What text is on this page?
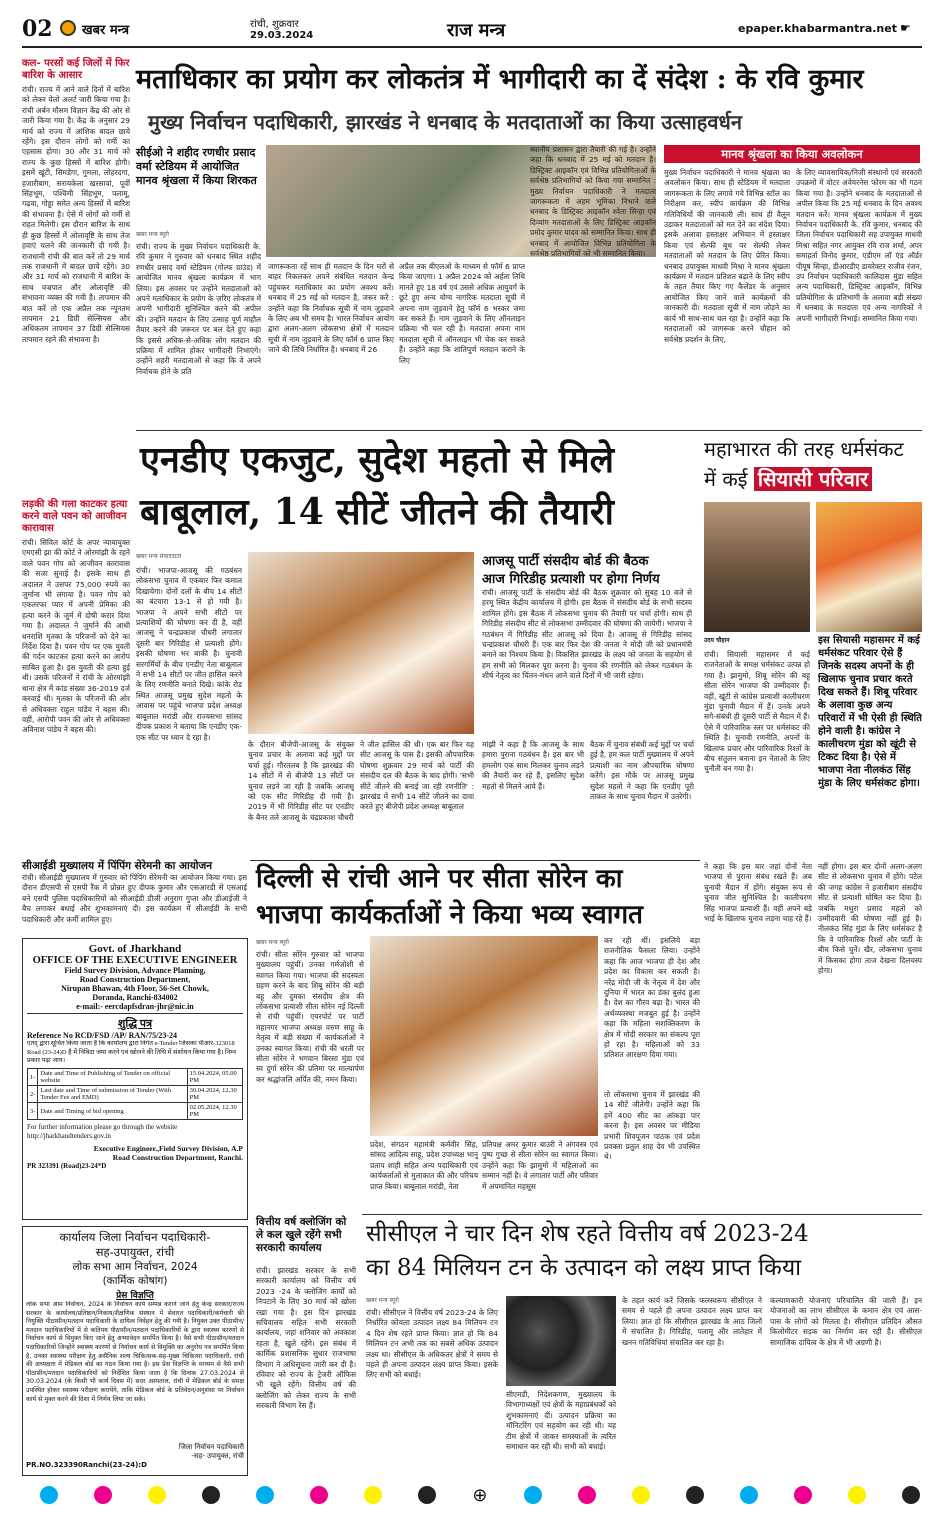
02 खबर मन्त्र	रांची, शुक्रवार
29.03.2024	राज मन्त्र	epaper.khabarmantra.net ☛
कल- परसों कई जिलों में फिर बारिश के आसार
रांची। राज्य में आने वाले दिनों में बारिश को लेकर येलो अलर्ट जारी किया गया है। रांची अर्बन मौसम विज्ञान केंद्र की ओर से जारी किया गया है। केंद्र के अनुसार 29 मार्च को राज्य में आंशिक बादल छाये रहेंगे। इस दौरान लोगों को गर्मी का एहसास होगा। 30 और 31 मार्च को राज्य के कुछ हिस्सों में बारिश होगी। इसमें खूंटी, सिमडेगा, गुमला, लोहरदगा, हजारीबाग, सरायकेला खरसावां, पूर्वी सिंहभूम, पश्चिमी सिंहभूम, पलामू, गढ़वा, गोड्डा समेत अन्य हिस्सों में बारिश की संभावना है। ऐसे में लोगों को गर्मी से राहत मिलेगी। इस दौरान बारिश के साथ ही कुछ हिस्सों में ओलावृष्टि के साथ तेज हवाएं चलने की जानकारी दी गयी है। राजधानी रांची की बात करें तो 29 मार्च तक राजधानी में बादल छाये रहेंगे। 30 और 31 मार्च को राजधानी में बारिश के साथ वज्रपात और ओलावृष्टि की संभावना व्यक्त की गयी है। तापमान की बात करें तो एक अप्रैल तक न्यूनतम तापमान 21 डिग्री सेल्सियस और अधिकतम तापमान 37 डिग्री सेल्सियस तापमान रहने की संभावना है।
लड़की की गला काटकर हत्या करने वाले पवन को आजीवन कारावास
रांची। सिविल कोर्ट के अपर न्यायायुक्त एमएसी झा की कोर्ट ने ओरमांझी के रहने वाले पवन गोप को आजीवन कारावास की सजा सुनाई है। इसके साथ ही अदालत ने उसपर 75,000 रुपये का जुर्माना भी लगाया है। पवन गोप को एकतरफा प्यार में अपनी प्रेमिका की हत्या करने के जुर्म में दोषी करार दिया गया है। अदालत ने जुर्माने की आधी धनराशि मृतका के परिजनों को देने का निर्देश दिया है। पवन गोप पर एक युवती की गर्दन काटकर हत्या करने का आरोप साबित हुआ है। इस युवती की हत्या हुई थी। उसके परिजनों ने रांची के ओरमांझी थाना क्षेत्र में कांड संख्या 36-2019 दर्ज करवाई थी। मृतका के परिजनों की ओर से अधिवक्ता राहुल पांडेय ने बहस की। वहीं, आरोपी पवन की ओर से अधिवक्ता अविनाश पांडेय ने बहस की।
सीआईडी मुख्यालय में पिंपिंग सेरेमनी का आयोजन
रांची। सीआईडी मुख्यालय में गुरुवार को पिंपिंग सेरेमनी का आयोजन किया गया। इस दौरान डीएसपी से एसपी रैंक में प्रोन्नत हुए दीपक कुमार और एसआरडी से एसआई बने एसपी पुलिस पदाधिकारियों को सीआईडी डीजी अनुराग गुप्ता और डीआईजी ने बैच लगाकर बधाई और शुभकामनाएं दी। इस कार्यक्रम में सीआईडी के सभी पदाधिकारी और कर्मी शामिल हुए।
मताधिकार का प्रयोग कर लोकतंत्र में भागीदारी का दें संदेश : के रवि कुमार
मुख्य निर्वाचन पदाधिकारी, झारखंड ने धनबाद के मतदाताओं का किया उत्साहवर्धन
सीईओ ने शहीद रणधीर प्रसाद वर्मा स्टेडियम में आयोजित मानव श्रृंखला में किया शिरकत
खबर मन्त्र ब्यूरो
रांची। राज्य के मुख्य निर्वाचन पदाधिकारी के. रवि कुमार ने गुरुवार को धनबाद स्थित शहीद रणधीर प्रसाद वर्मा स्टेडियम (गोल्फ ग्राउंड) में आयोजित मानव श्रृंखला कार्यक्रम में भाग लिया। इस अवसर पर उन्होंने मतदाताओं को अपने मताधिकार के प्रयोग के ज़रिए लोकतंत्र में अपनी भागीदारी सुनिश्चित करने की अपील की। उन्होंने मतदान के लिए उत्साह पूर्ण माहौल तैयार करने की ज़रूरत पर बल देते हुए कहा कि इससे अधिक-से-अधिक लोग मतदान की प्रक्रिया में शामिल होकर भागीदारी निभाएंगे। उन्होंने शहरी मतदाताओं से कहा कि वे अपने निर्वाचक होने के प्रति
जागरूकता रहें साथ ही मतदान के दिन घरों से बाहर निकलकर अपने संबंधित मतदान केन्द्र पहुंचकर मताधिकार का प्रयोग अवश्य करें। धनबाद में 25 मई को मतदान है, जरूर करें : उन्होंने कहा कि निर्वाचक सूची में नाम जुड़वाने के लिए अब भी समय है। भारत निर्वाचन आयोग द्वारा अलग-अलग लोकसभा क्षेत्रों में मतदान सूची में नाम जुड़वाने के लिए फॉर्म 6 प्राप्त किए जाने की तिथि निर्धारित है। धनबाद में 26
अप्रैल तक बीएलओ के माध्यम से फॉर्म 6 प्राप्त किया जाएगा। 1 अप्रैल 2024 को अर्हता तिथि मानते हुए 18 वर्ष एवं उससे अधिक आयुवर्ग के छूटे हुए अन्य योग्य नागरिक मतदाता सूची में अपना नाम जुड़वाने हेतु फॉर्म 6 भरकर जमा कर सकते हैं। नाम जुड़वाने के लिए ऑनलाइन प्रक्रिया भी चल रही है। मतदाता अपना नाम मतदाता सूची में ऑनलाइन भी चेक कर सकते हैं। उन्होंने कहा कि शांतिपूर्ण मतदान कराने के लिए
स्थानीय प्रशासन द्वारा तैयारी की गई है। उन्होंने कहा कि धनबाद में 25 मई को मतदान है। डिस्ट्रिक्ट आइकॉन एवं विभिन्न प्रतियोगिताओं के सर्वश्रेष्ठ प्रतिभागियों को किया गया सम्मानित : मुख्य निर्वाचन पदाधिकारी ने मतदाता जागरूकता में अहम भूमिका निभाने वाले धनबाद के डिस्ट्रिक्ट आइकॉन श्वेता सिन्हा एवं दिव्यांग मतदाताओं के लिए डिस्ट्रिक्ट आइकॉन प्रमोद कुमार यादव को सम्मानित किया। साथ ही धनबाद में आयोजित विभिन्न प्रतियोगिता के सर्वश्रेष्ठ प्रतिभागियों को भी सम्मानित किया।
मानव श्रृंखला का किया अवलोकन
मुख्य निर्वाचन पदाधिकारी ने मानव श्रृंखला का अवलोकन किया। साथ ही स्टेडियम में मतदाता जागरूकता के लिए लगाये गये विभिन्न स्टॉल का निरीक्षण कर, स्वीप कार्यक्रम की विभिन्न गतिविधियों की जानकारी ली। साथ ही वैलून उड़ाकर मतदाताओं को मत देने का संदेश दिया। इसके अलावा हस्ताक्षर अभियान में हस्ताक्षर किया एवं सेल्फी बूथ पर सेल्फी लेकर मतदाताओं को मतदान के लिए प्रेरित किया। धनबाद उपायुक्त माधवी मिश्रा ने मानव श्रृंखला कार्यक्रम में मतदान प्रतिशत बढ़ाने के लिए स्वीप के तहत तैयार किए गए कैलेंडर के अनुसार आयोजित किए जाने वाले कार्यक्रमों की जानकारी दी। मतदाता सूची में नाम जोड़ने का कार्य भी साथ-साथ चल रहा है। उन्होंने कहा कि मतदाताओं को जागरूक करने चौहान को सर्वश्रेष्ठ प्रदर्शन के लिए,
के लिए व्यावसायिक/निजी संस्थानों एवं सरकारी उपक्रमों में वोटर अवेयरनेस फोरम का भी गठन किया गया है। उन्होंने धनबाद के मतदाताओं से अपील किया कि 25 मई धनबाद के दिन अवश्य मतदान करें। मानव श्रृंखला कार्यक्रम में मुख्य निर्वाचन पदाधिकारी के. रवि कुमार, धनबाद की जिला निर्वाचन पदाधिकारी सह उपायुक्त माधवी मिश्रा सहित नगर आयुक्त रवि राज शर्मा, अपर समाहर्ता विनोद कुमार, एडीएम लॉ एंड ऑर्डर पीयूष सिन्हा, डीआरडीए डायरेक्टर राजीव रंजन, उप निर्वाचन पदाधिकारी कालिदास मुंडा सहित अन्य पदाधिकारी, डिस्ट्रिक्ट आइकॉन, विभिन्न प्रतियोगिता के प्रतिभागी के अलावा बड़ी संख्या में धनबाद के मतदाता एवं अन्य नागरिकों ने अपनी भागीदारी निभाई। सम्मानित किया गया।
एनडीए एकजुट, सुदेश महतो से मिले
बाबूलाल, 14 सीटें जीतने की तैयारी
खबर मन्त्र संवाददाता
रांची। भाजपा-आजसू की गठबंधन लोकसभा चुनाव में एकबार फिर कमाल दिखायेगा। दोनों दलों के बीच 14 सीटों का बंटवारा 13-1 से हो गयी है। भाजपा ने अपने सभी सीटों पर प्रत्याशियों की घोषणा कर दी है, वहीं आजसू ने चन्द्रप्रकाश चौधरी लगातार दूसरी बार गिरिडीह से प्रत्याशी होंगे। इसकी घोषणा भर बाकी है। चुनावी सरगर्मियों के बीच एनडीए नेता बाबूलाल ने सभी 14 सीटों पर जीत हासिल करने के लिए रणनीति बनाते दिखे। कांके रोड स्थित आजसू प्रमुख सुदेश महतो के आवास पर पहुंचे भाजपा प्रदेश अध्यक्ष बाबूलाल मरांडी और राज्यसभा सांसद दीपक प्रकाश ने बताया कि एनडीए एक-एक सीट पर ध्यान दे रहा है।
के दौरान बीजेपी-आजसू के संयुक्त चुनाव प्रचार के अलावा कई मुद्दों पर चर्चा हुई। गौरतलब है कि झारखंड की 14 सीटों में से बीजेपी 13 सीटों पर चुनाव लड़ने जा रही है जबकि आजसू को एक सीट गिरिडीह दी गयी है। 2019 में भी गिरिडीह सीट पर एनडीए के बैनर तले आजसू के चंद्रप्रकाश चौधरी
ने जीत हासिल की थी। एक बार फिर यह सीट आजसू के पास है। इसकी औपचारिक घोषणा शुक्रवार 29 मार्च को पार्टी की संसदीय दल की बैठक के बाद होगी। 'सभी सीटें जीतने की बनाई जा रही रणनीति' : झारखंड में सभी 14 सीटें जीतने का दावा करते हुए बीजेपी प्रदेश अध्यक्ष बाबूलाल
आजसू पार्टी संसदीय बोर्ड की बैठक
आज गिरिडीह प्रत्याशी पर होगा निर्णय
रांची। आजसू पार्टी के संसदीय बोर्ड की बैठक शुक्रवार को सुबह 10 बजे से हरमू स्थित केंद्रीय कार्यालय में होगी। इस बैठक में संसदीय बोर्ड के सभी सदस्य शामिल होंगे। इस बैठक में लोकसभा चुनाव की तैयारी पर चर्चा होगी। साथ ही गिरिडीह संसदीय सीट से लोकसभा उम्मीदवार की घोषणा की जायेगी। भाजपा ने गठबंधन में गिरिडीह सीट आजसू को दिया है। आजसू से गिरिडीह सांसद चन्द्रप्रकाश चौधरी हैं। एक बार फिर देश की जनता ने मोदी जी को प्रधानमंत्री बनाने का निश्चय किया है। विकसित झारखंड के लक्ष्य को जनता के सहयोग से हम सभी को मिलकर पूरा करना है। चुनाव की रणनीति को लेकर गठबंधन के शीर्ष नेतृत्व का चिंतन-मंथन आने वाले दिनों में भी जारी रहेगा।
मांझी ने कहा है कि आजसू के साथ हमारा पुराना गठबंधन है। इस बार भी हमलोग एक साथ मिलकर चुनाव लड़ने की तैयारी कर रहे हैं, इसलिए सुदेश महतो से मिलने आये हैं।
बैठक में चुनाव संबंधी कई मुद्दों पर चर्चा हुई है, हम कल पार्टी मुख्यालय में अपने प्रत्याशी का नाम औपचारिक घोषणा करेंगे। इस मौके पर आजसू प्रमुख सुदेश महतो ने कहा कि एनडीए पूरी ताकत के साथ चुनाव मैदान में उतरेगी।
महाभारत की तरह धर्मसंकट
में कई सियासी परिवार
उदय चौहान
रांची। सियासी महासमर में कई राजनेताओं के समक्ष धर्मसंकट उत्पन्न हो गया है। झामुमो, शिबू सोरेन की बहू सीता सोरेन भाजपा की उम्मीदवार हैं। वहीं, खूंटी से कांग्रेस प्रत्याशी कालीचरण मुंडा चुनावी मैदान में हैं। उनके अपने सगे-संबंधी ही दूसरी पार्टी से मैदान में हैं। ऐसे में पारिवारिक स्तर पर धर्मसंकट की स्थिति है। चुनावी रणनीति, अपनों के खिलाफ प्रचार और पारिवारिक रिश्तों के बीच संतुलन बनाना इन नेताओं के लिए चुनौती बन गया है।
इस सियासी महासमर में कई धर्मसंकट परिवार ऐसे हैं जिनके सदस्य अपनों के ही खिलाफ चुनाव प्रचार करते दिख सकते हैं। शिबू परिवार के अलावा कुछ अन्य परिवारों में भी ऐसी ही स्थिति होने वाली है। कांग्रेस ने कालीचरण मुंडा को खूंटी से टिकट दिया है। ऐसे में भाजपा नेता नीलकंठ सिंह मुंडा के लिए धर्मसंकट होगा।
दिल्ली से रांची आने पर सीता सोरेन का
भाजपा कार्यकर्ताओं ने किया भव्य स्वागत
खबर मन्त्र ब्यूरो
रांची। सीता सोरेन गुरुवार को भाजपा मुख्यालय पहुंचीं। उनका गर्मजोशी से स्वागत किया गया। भाजपा की सदस्यता ग्रहण करने के बाद शिबू सोरेन की बड़ी बहू और दुमका संसदीय क्षेत्र की लोकसभा प्रत्याशी सीता सोरेन नई दिल्ली से रांची पहुंचीं। एयरपोर्ट पर पार्टी महानगर भाजपा अध्यक्ष वरुण साहू के नेतृत्व में बड़ी संख्या में कार्यकर्ताओं ने उनका स्वागत किया। रांची की धरती पर सीता सोरेन ने भगवान बिरसा मुंडा एवं स्व दुर्गा सोरेन की प्रतिमा पर माल्यार्पण कर श्रद्धांजलि अर्पित की, नमन किया।
प्रदेश, संगठन महामंत्री कर्मवीर सिंह, सांसद आदित्य साहू, प्रदेश उपाध्यक्ष भानु प्रताप शाही सहित अन्य पदाधिकारी एवं कार्यकर्ताओं से मुलाकात की और परिचय प्राप्त किया। बाबूलाल मरांडी, नेता
प्रतिपक्ष अमर कुमार बाउरी ने अंगवस्त्र एवं पुष्प गुच्छ से सीता सोरेन का स्वागत किया। उन्होंने कहा कि झामुमो में महिलाओं का सम्मान नहीं है। वे लगातार पार्टी और परिवार में अपमानित महसूस
कर रही थीं। इसलिये बड़ा राजनीतिक फैसला लिया। उन्होंने कहा कि आज भाजपा ही देश और प्रदेश का विकास कर सकती है। नरेंद्र मोदी जी के नेतृत्व में देश और दुनिया में भारत का डंका बुलंद हुआ है। देश का गौरव बढ़ा है। भारत की अर्थव्यवस्था मजबूत हुई है। उन्होंने कहा कि महिला सशक्तिकरण के क्षेत्र में मोदी सरकार का संकल्प पूरा हो रहा है। महिलाओं को 33 प्रतिशत आरक्षण दिया गया।
तो लोकसभा चुनाव में झारखंड की 14 सीटें जीतेगी। उन्होंने कहा कि हमें 400 सीट का आंकड़ा पार करना है। इस अवसर पर मीडिया प्रभारी शिवपूजन पाठक एवं प्रदेश प्रवक्ता प्रतुल शाह देव भी उपस्थित थे।
नहीं होगा। इस बार दोनों अलग-अलग सीट से लोकसभा चुनाव में होंगे। पटेल की जगह कांग्रेस ने हजारीबाग संसदीय सीट से प्रत्याशी घोषित कर दिया है। जबकि मथुरा प्रसाद महतो को उम्मीदवारी की घोषणा नहीं हुई है। नीलकंठ सिंह मुंडा के लिए धर्मसंकट है कि वे पारिवारिक रिश्तों और पार्टी के बीच किसे चुनें। खैर, लोकसभा चुनाव में किसका होगा ताज देखना दिलचस्प होगा।
ने कहा कि इस बार जहां दोनों नेता भाजपा से पुराना संबंध रखते हैं। अब चुनावी मैदान में होंगे। संयुक्त रूप से चुनाव जीत सुनिश्चित है। कालीचरण सिंह भाजपा प्रत्याशी हैं। वहीं अपने बड़े भाई के खिलाफ चुनाव लड़ना चाह रहे हैं।
Govt. of Jharkhand
OFFICE OF THE EXECUTIVE ENGINEER
Field Survey Division, Advance Planning,
Road Construction Department,
Nirupan Bhawan, 4th Floor, 56-Set Chowk,
Doranda, Ranchi-834002
e-mail:- eercdapfsdran-jhr@nic.in
शुद्धि पत्र
Reference No RCD/FSD /AP/ RAN/75/23-24
एतद् द्वारा सूचित किया जाता है कि कार्यालय द्वारा निर्गत e-Tender जिसका पीआर-323018 Road (23-24)D है में निविदा जमा करने एवं खोलने की तिथि में संशोधन किया गया है। निम्न प्रकार पढ़ा जाय।
1-	Date and Time of Publishing of Tender on official website	15.04.2024, 05.00 PM
2-	Last date and Time of submission of Tender (With Tender Fee and EMD)	30.04.2024, 12.30 PM
3-	Date and Timing of bid opening	02.05.2024, 12.30 PM
For further information please go through the website http://jharkhandtenders.gov.in
Executive Engineer.,Field Survey Division, A.P
Road Construction Department, Ranchi.
PR 323391 (Road)23-24*D
कार्यालय जिला निर्वाचन पदाधिकारी-
सह-उपायुक्त, रांची
लोक सभा आम निर्वाचन, 2024
(कार्मिक कोषांग)
प्रेस विज्ञप्ति
लोक सभा आम निर्वाचन, 2024 के निर्वाचन कार्य सम्पन्न कराने जाने हेतु केन्द्र सरकार/राज्य सरकार के कार्यालय/प्रतिष्ठान/निकाय/शैक्षणिक संस्थान में सेवारत पदाधिकारी/कर्मचारी की नियुक्ति पीठासीन/मतदान पदाधिकारी के दायित्व निर्वहन हेतु की गयी है। नियुक्त उक्त पीठासीन/मतदान पदाधिकारियों में से कतिपय पीठासीन/मतदान पदाधिकारियों के द्वारा स्वास्थ्य कारणों से निर्वाचन कार्य से विमुक्त किए जाने हेतु अभ्यावेदन समर्पित किया है। वैसे सभी पीठासीन/मतदान पदाधिकारियों जिन्होंने स्वास्थ्य कारणों से निर्वाचन कार्य से विमुक्ति का अनुरोध पत्र समर्पित किया है, उनका स्वास्थ्य परीक्षण हेतु असैनिक शल्य चिकित्सक-सह-मुख्य चिकित्सा पदाधिकारी, रांची की अध्यक्षता में मेडिकल बोर्ड का गठन किया गया है। इस प्रेस विज्ञप्ति के माध्यम से वैसे सभी पीठासीन/मतदान पदाधिकारियों को निर्देशित किया जाता है कि दिनांक 27.03.2024 से 30.03.2024 (के किसी भी कार्य दिवस में) सदर अस्पताल, रांची में मेडिकल बोर्ड के समक्ष उपस्थित होकर स्वास्थ्य परीक्षण करायेंगे, ताकि मेडिकल बोर्ड के प्रतिवेदन/अनुशंसा पर निर्वाचन कार्य से मुक्त करने की दिशा में निर्णय लिया जा सके।
जिला निर्वाचन पदाधिकारी
-सह- उपायुक्त, रांची
PR.NO.323390Ranchi(23-24):D
वित्तीय वर्ष क्लोजिंग को ले कल खुले रहेंगे सभी सरकारी कार्यालय
रांची। झारखंड सरकार के सभी सरकारी कार्यालय को वित्तीय वर्ष 2023 -24 के क्लोजिंग कार्यों को निपटाने के लिए 30 मार्च को खोला रखा गया है। इस दिन झारखंड सचिवालय सहित सभी सरकारी कार्यालय, जहां शनिवार को अवकाश रहता है, खुले रहेंगे। इस संबंध में कार्मिक प्रशासनिक सुधार राजभाषा विभाग ने अधिसूचना जारी कर दी है। रविवार को राज्य के ट्रेजरी ऑफिस भी खुले रहेंगे। वित्तीय वर्ष की क्लोजिंग को लेकर राज्य के सभी सरकारी विभाग रेस हैं।
सीसीएल ने चार दिन शेष रहते वित्तीय वर्ष 2023-24
का 84 मिलियन टन के उत्पादन को लक्ष्य प्राप्त किया
खबर मन्त्र ब्यूरो
रांची। सीसीएल ने वित्तीय वर्ष 2023-24 के लिए निर्धारित कोयला उत्पादन लक्ष्य 84 मिलियन टन 4 दिन शेष रहते प्राप्त किया। ज्ञात हो कि 84 मिलियन टन अभी तक का सबसे अधिक उत्पादन लक्ष्य था। सीसीएल के अधिकतर क्षेत्रों ने समय से पहले ही अपना उत्पादन लक्ष्य प्राप्त किया। इसके लिए सभी को बधाई।
सीएमडी, निदेशकगण, मुख्यालय के विभागाध्यक्षों एवं क्षेत्रों के महाप्रबंधकों को शुभकामनाएं दीं। उत्पादन प्रक्रिया का मॉनिटरिंग एवं सहयोग कर रही थी। यह टीम क्षेत्रों में जाकर समस्याओं के त्वरित समाधान कर रही थी। सभी को बधाई।
के तहत कार्य करें जिसके फलस्वरूप सीसीएल ने समय से पहले ही अपना उत्पादन लक्ष्य प्राप्त कर लिया। ज्ञात हो कि सीसीएल झारखंड के आठ जिलों में संचालित है। गिरिडीह, पलामू और लातेहार में खनन गतिविधियां संचालित कर रहा है।
कल्याणकारी योजनाएं परिचालित की जाती हैं। इन योजनाओं का लाभ सीसीएल के कमान क्षेत्र एवं आस-पास के लोगों को मिलता है। सीसीएल प्रतिदिन औसत किलोमीटर सड़क का निर्माण कर रही है। सीसीएल सामाजिक दायित्व के क्षेत्र में भी अग्रणी है।
⊕
